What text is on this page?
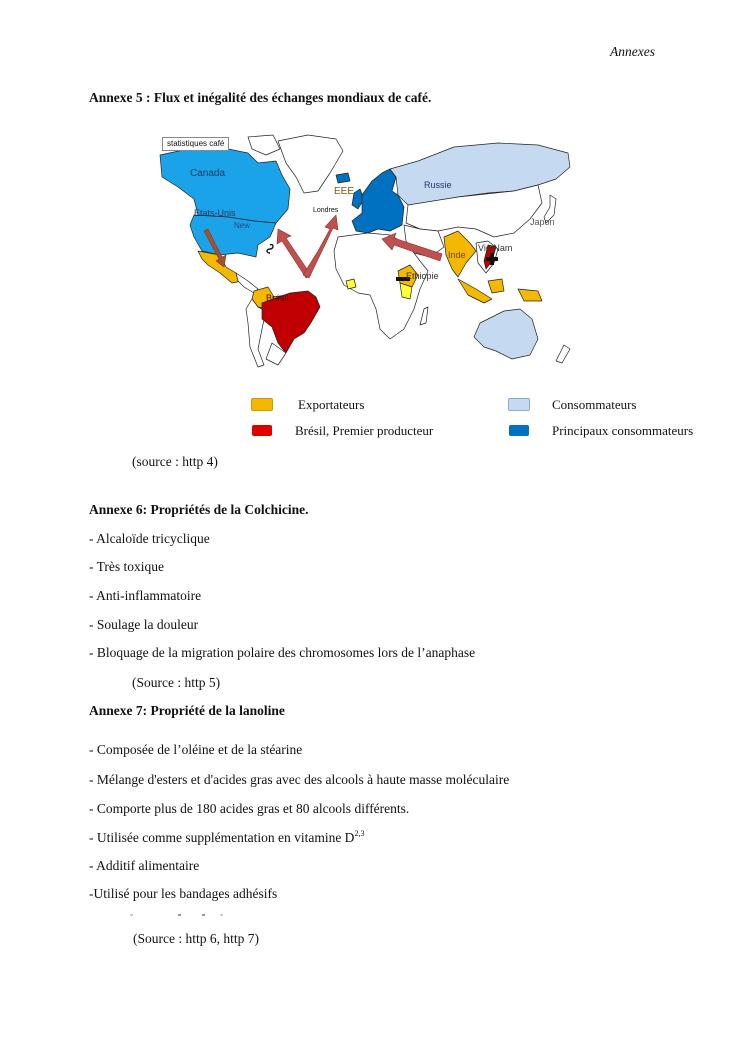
Annexes
Annexe 5 : Flux et inégalité des échanges mondiaux de café.
statistiques café
Canada
Etats-Unis
New
EEE
Londres
Russie
Japon
Inde
VietNam
Ethiopie
Brésil
Exportateurs
Brésil, Premier producteur
Consommateurs
Principaux consommateurs
(source : http 4)
Annexe 6: Propriétés de la Colchicine.
- Alcaloïde tricyclique
- Très toxique
- Anti-inflammatoire
- Soulage la douleur
- Bloquage de la migration polaire des chromosomes lors de l’anaphase
(Source : http 5)
Annexe 7: Propriété de la lanoline
- Composée de l’oléine et de la stéarine
- Mélange d'esters et d'acides gras avec des alcools à haute masse moléculaire
- Comporte plus de 180 acides gras et 80 alcools différents.
- Utilisée comme supplémentation en vitamine D$^{2,3}$
- Additif alimentaire
-Utilisé pour les bandages adhésifs
(Source : http 6, http 7)
